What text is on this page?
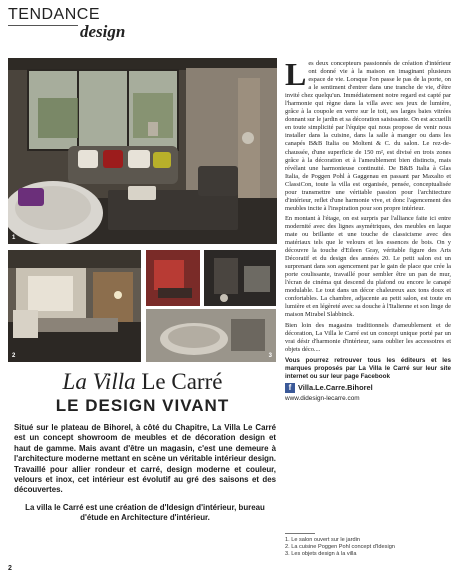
TENDANCE
design
1
2	3
La Villa Le Carré
LE DESIGN VIVANT
Situé sur le plateau de Bihorel, à côté du Chapitre, La Villa Le Carré est un concept showroom de meubles et de décoration design et haut de gamme. Mais avant d'être un magasin, c'est une demeure à l'architecture moderne mettant en scène un véritable intérieur design. Travaillé pour allier rondeur et carré, design moderne et couleur, velours et inox, cet intérieur est évolutif au gré des saisons et des découvertes.
La villa le Carré est une création de d'Idesign d'intérieur, bureau d'étude en Architecture d'intérieur.

Les deux concepteurs passionnés de création d'intérieur ont donné vie à la maison en imaginant plusieurs espace de vie. Lorsque l'on passe le pas de la porte, on a le sentiment d'entrer dans une tranche de vie, d'être invité chez quelqu'un. Immédiatement notre regard est capté par l'harmonie qui règne dans la villa avec ses jeux de lumière, grâce à la coupole en verre sur le toit, ses larges baies vitrées donnant sur le jardin et sa décoration saisissante. On est accueilli en toute simplicité par l'équipe qui nous propose de venir nous installer dans la cuisine, dans la salle à manger ou dans les canapés B&B Italia ou Molteni & C. du salon. Le rez-de-chaussée, d'une superficie de 150 m², est divisé en trois zones grâce à la décoration et à l'ameublement bien distincts, mais révélant une harmonieuse continuité. De B&B Italia à Glas Italia, de Poggen Pohl à Gaggenau en passant par Maxalto et ClassiCon, toute la villa est organisée, pensée, conceptualisée pour transmettre une véritable passion pour l'architecture d'intérieur, reflet d'une harmonie vive, et donc l'agencement des meubles incite à l'inspiration pour son propre intérieur.

En montant à l'étage, on est surpris par l'alliance faite ici entre modernité avec des lignes asymétriques, des meubles en laque mate ou brillante et une touche de classicisme avec des matériaux tels que le velours et les essences de bois. On y découvre la touche d'Eileen Gray, véritable figure des Arts Décoratif et du design des années 20. Le petit salon est un surprenant dans son agencement par le gain de place que crée la porte coulissante, travaillé pour sembler être un pan de mur, l'écran de cinéma qui descend du plafond ou encore le canapé modulable. Le tout dans un décor chaleureux aux tons doux et confortables. La chambre, adjacente au petit salon, est toute en lumière et en légèreté avec sa douche à l'Italienne et son linge de maison Mirabel Slabbinck.

Bien loin des magasins traditionnels d'ameublement et de décoration, La Villa le Carré est un concept unique porté par un vrai désir d'harmonie d'intérieur, sans oublier les accessoires et objets déco....

Vous pourrez retrouver tous les éditeurs et les marques proposés par La Villa le Carré sur leur site internet ou sur leur page Facebook
f Villa.Le.Carre.Bihorel
www.didesign-lecarre.com
1. Le salon ouvert sur le jardin
2. La cuisine Poggen Pohl concept d'Idesign
3. Les objets design à la villa
2
